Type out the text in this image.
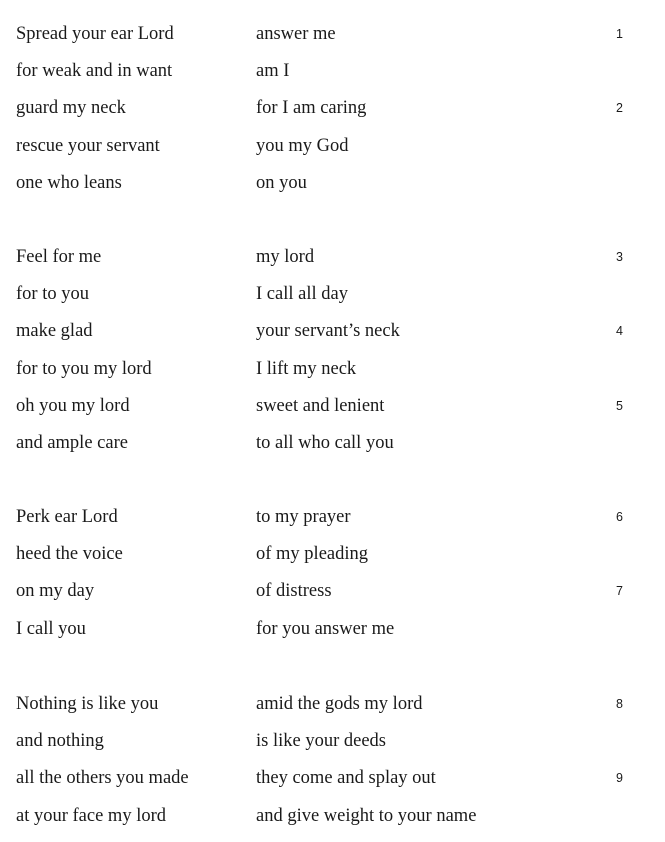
Spread your ear Lord	answer me	1
for weak and in want	am I
guard my neck	for I am caring	2
rescue your servant	you my God
one who leans	on you
Feel for me	my lord	3
for to you	I call all day
make glad	your servant’s neck	4
for to you my lord	I lift my neck
oh you my lord	sweet and lenient	5
and ample care	to all who call you
Perk ear Lord	to my prayer	6
heed the voice	of my pleading
on my day	of distress	7
I call you	for you answer me
Nothing is like you	amid the gods my lord	8
and nothing	is like your deeds
all the others you made	they come and splay out	9
at your face my lord	and give weight to your name
